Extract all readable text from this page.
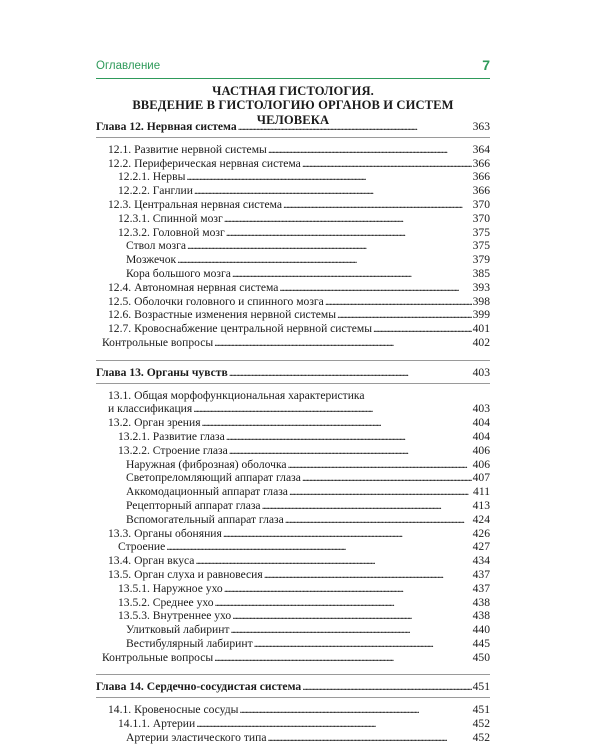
Оглавление	7
ЧАСТНАЯ ГИСТОЛОГИЯ.
ВВЕДЕНИЕ В ГИСТОЛОГИЮ ОРГАНОВ И СИСТЕМ ЧЕЛОВЕКА
Глава 12. Нервная система . . .	363
12.1. Развитие нервной системы . . .	364
12.2. Периферическая нервная система . . .	366
12.2.1. Нервы . . .	366
12.2.2. Ганглии . . .	366
12.3. Центральная нервная система . . .	370
12.3.1. Спинной мозг . . .	370
12.3.2. Головной мозг . . .	375
Ствол мозга . . .	375
Мозжечок . . .	379
Кора большого мозга . . .	385
12.4. Автономная нервная система . . .	393
12.5. Оболочки головного и спинного мозга . . .	398
12.6. Возрастные изменения нервной системы . . .	399
12.7. Кровоснабжение центральной нервной системы . . .	401
Контрольные вопросы . . .	402
Глава 13. Органы чувств . . .	403
13.1. Общая морфофункциональная характеристика
и классификация . . .	403
13.2. Орган зрения . . .	404
13.2.1. Развитие глаза . . .	404
13.2.2. Строение глаза . . .	406
Наружная (фиброзная) оболочка . . .	406
Светопреломляющий аппарат глаза . . .	407
Аккомодационный аппарат глаза . . .	411
Рецепторный аппарат глаза . . .	413
Вспомогательный аппарат глаза . . .	424
13.3. Органы обоняния . . .	426
Строение . . .	427
13.4. Орган вкуса . . .	434
13.5. Орган слуха и равновесия . . .	437
13.5.1. Наружное ухо . . .	437
13.5.2. Среднее ухо . . .	438
13.5.3. Внутреннее ухо . . .	438
Улитковый лабиринт . . .	440
Вестибулярный лабиринт . . .	445
Контрольные вопросы . . .	450
Глава 14. Сердечно-сосудистая система . . .	451
14.1. Кровеносные сосуды . . .	451
14.1.1. Артерии . . .	452
Артерии эластического типа . . .	452
